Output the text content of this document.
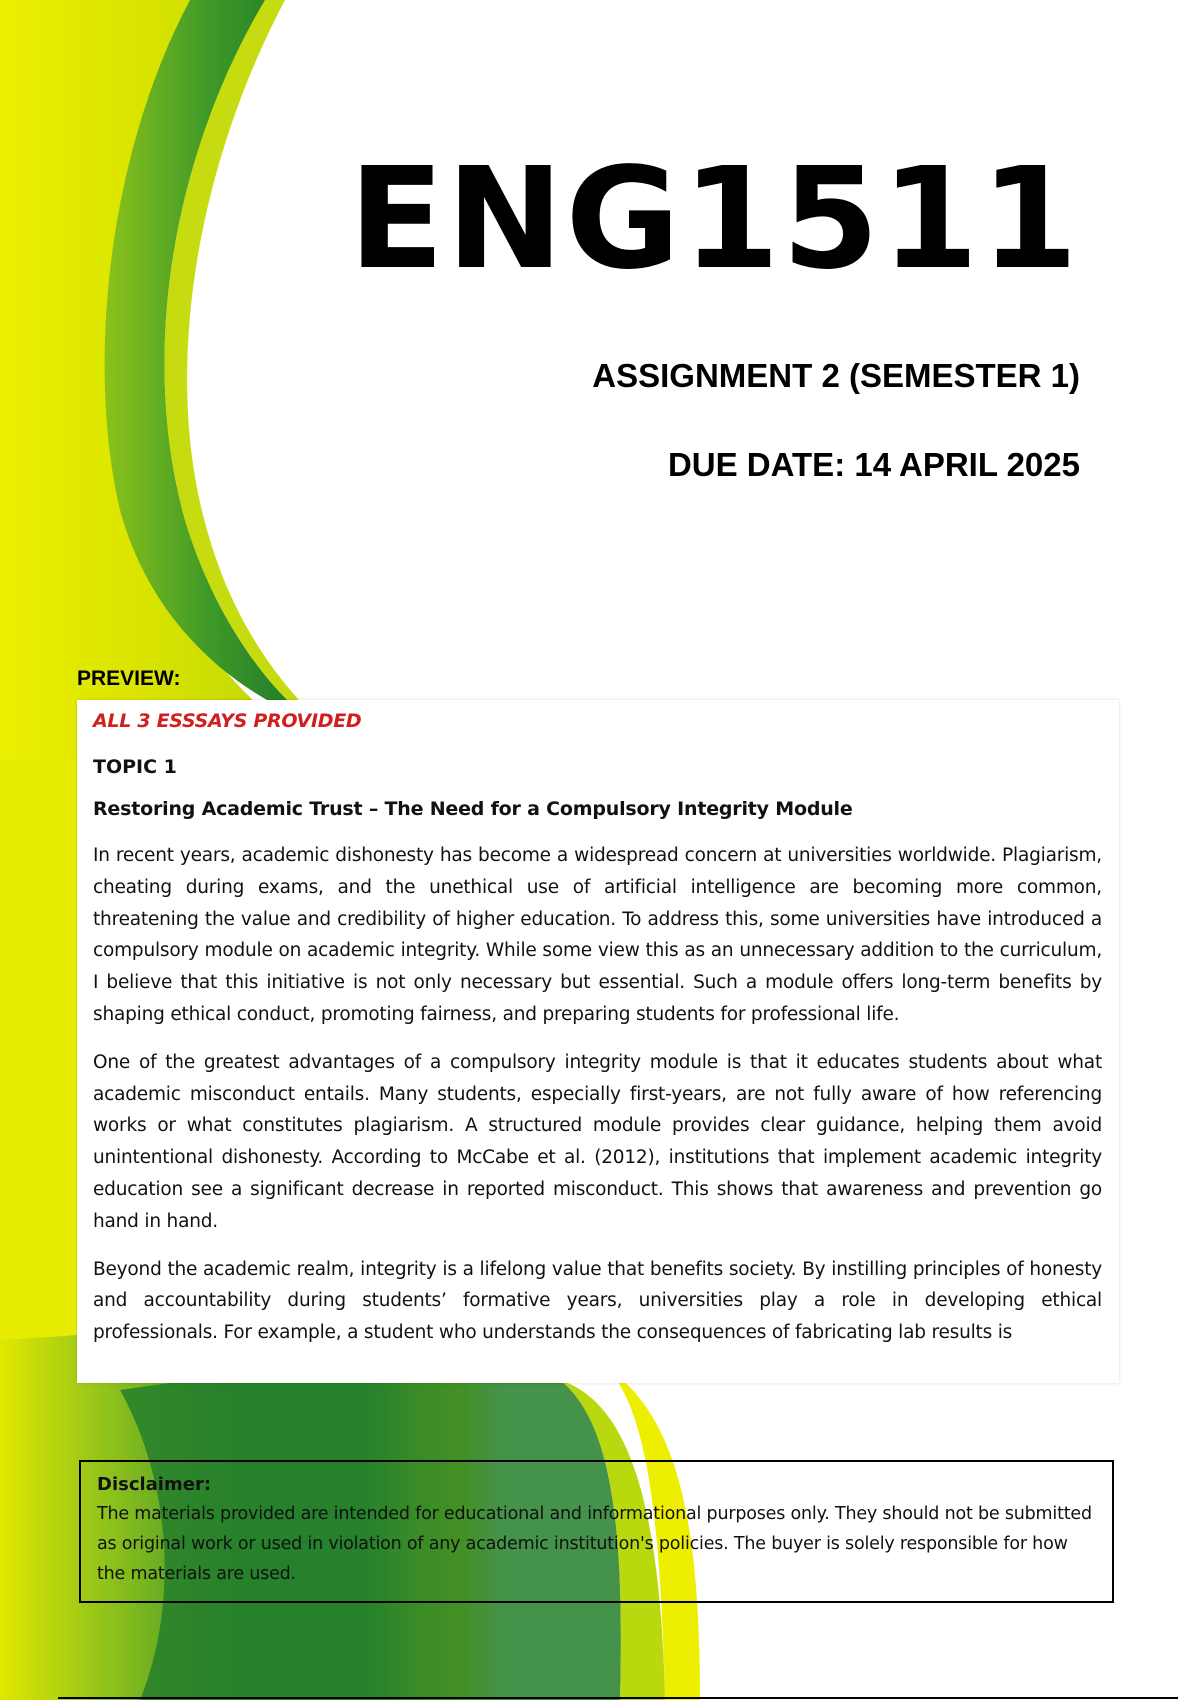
ENG1511
ASSIGNMENT 2 (SEMESTER 1)
DUE DATE: 14 APRIL 2025
PREVIEW:

ALL 3 ESSSAYS PROVIDED

TOPIC 1

Restoring Academic Trust – The Need for a Compulsory Integrity Module

In recent years, academic dishonesty has become a widespread concern at universities worldwide. Plagiarism, cheating during exams, and the unethical use of artificial intelligence are becoming more common, threatening the value and credibility of higher education. To address this, some universities have introduced a compulsory module on academic integrity. While some view this as an unnecessary addition to the curriculum, I believe that this initiative is not only necessary but essential. Such a module offers long-term benefits by shaping ethical conduct, promoting fairness, and preparing students for professional life.

One of the greatest advantages of a compulsory integrity module is that it educates students about what academic misconduct entails. Many students, especially first-years, are not fully aware of how referencing works or what constitutes plagiarism. A structured module provides clear guidance, helping them avoid unintentional dishonesty. According to McCabe et al. (2012), institutions that implement academic integrity education see a significant decrease in reported misconduct. This shows that awareness and prevention go hand in hand.

Beyond the academic realm, integrity is a lifelong value that benefits society. By instilling principles of honesty and accountability during students’ formative years, universities play a role in developing ethical professionals. For example, a student who understands the consequences of fabricating lab results is

Disclaimer:
The materials provided are intended for educational and informational purposes only. They should not be submitted as original work or used in violation of any academic institution's policies. The buyer is solely responsible for how the materials are used.
